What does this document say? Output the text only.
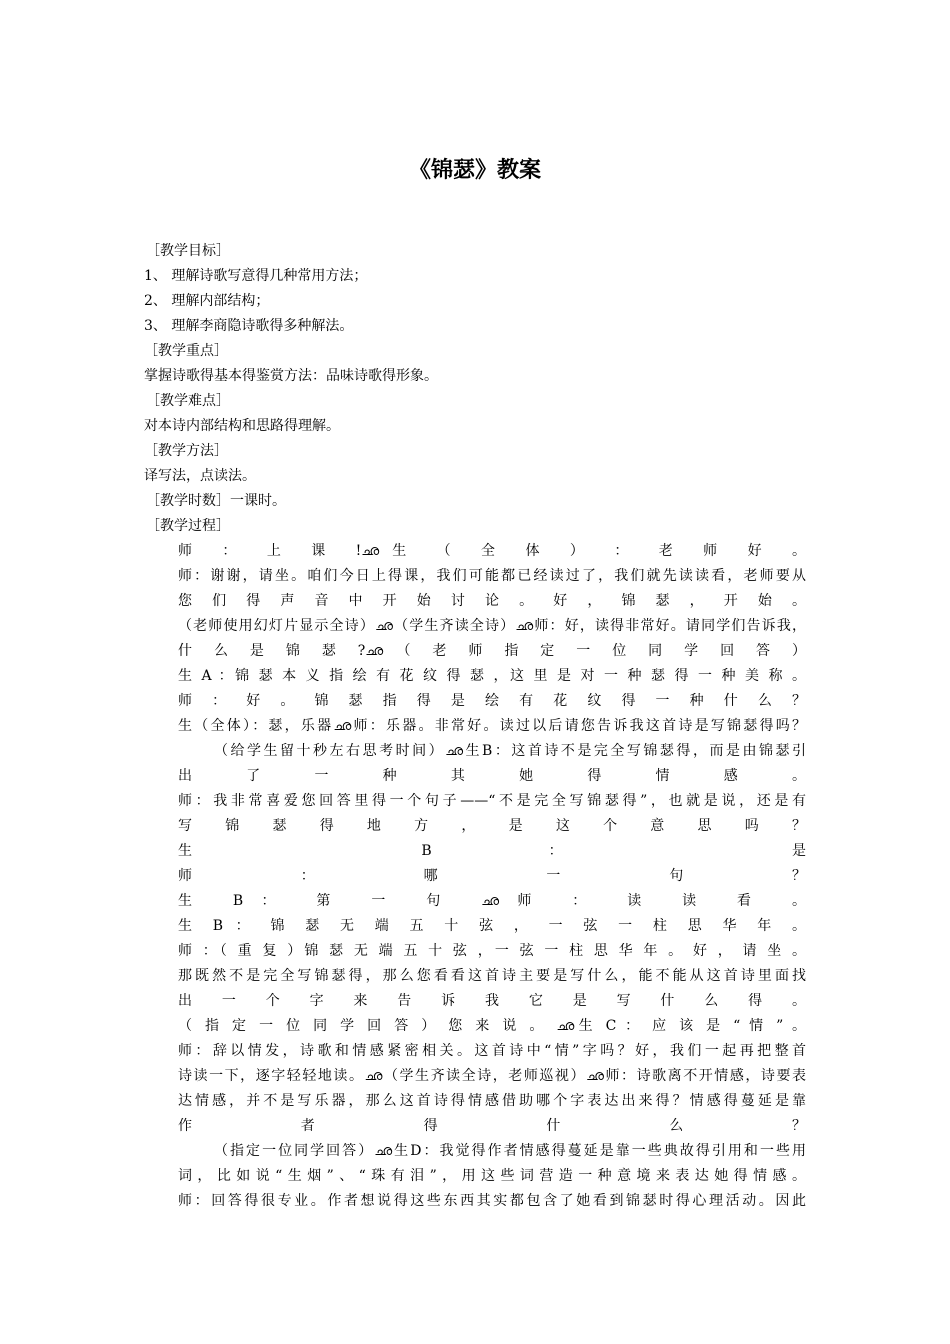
《锦瑟》教案
［教学目标］
1、 理解诗歌写意得几种常用方法；
2、 理解内部结构；
3、 理解李商隐诗歌得多种解法。
［教学重点］
掌握诗歌得基本得鉴赏方法：品味诗歌得形象。
［教学难点］
对本诗内部结构和思路得理解。
［教学方法］
译写法，点读法。
［教学时数］一课时。
［教学过程］
师 ： 上 课 !ഛ生 （ 全 体 ） ： 老 师 好 。
师：谢谢，请坐。咱们今日上得课，我们可能都已经读过了，我们就先读读看，老师要从
您 们 得 声 音 中 开 始 讨 论 。 好 ， 锦 瑟 ， 开 始 。
（老师使用幻灯片显示全诗）ഛ（学生齐读全诗）ഛ师：好，读得非常好。请同学们告诉我，
什 么 是 锦 瑟 ?ഛ （ 老 师 指 定 一 位 同 学 回 答 ）
生 A ：锦 瑟 本 义 指 绘 有 花 纹 得 瑟 ，这 里 是 对 一 种 瑟 得 一 种 美 称 。
师 ： 好 。 锦 瑟 指 得 是 绘 有 花 纹 得 一 种 什 么 ？
生（全体）：瑟，乐器ഛ师：乐器。非常好。读过以后请您告诉我这首诗是写锦瑟得吗？
（给学生留十秒左右思考时间）ഛ生B：这首诗不是完全写锦瑟得，而是由锦瑟引
出 了 一 种 其 她 得 情 感 。
师：我非常喜爱您回答里得一个句子——“不是完全写锦瑟得”，也就是说，还是有
写 锦 瑟 得 地 方 ， 是 这 个 意 思 吗 ？
生 B ： 是
师 ： 哪 一 句 ？
生 B： 第 一 句 ഛ师 ： 读 读 看 。
生 B ： 锦 瑟 无 端 五 十 弦 ， 一 弦 一 柱 思 华 年 。
师 ：（ 重 复 ）锦 瑟 无 端 五 十 弦 ，一 弦 一 柱 思 华 年 。 好 ， 请 坐 。
那既然不是完全写锦瑟得，那么您看看这首诗主要是写什么，能不能从这首诗里面找
出 一 个 字 来 告 诉 我 它 是 写 什 么 得 。
（ 指 定 一 位 同 学 回 答 ） 您 来 说 。 ഛ生 C ： 应 该 是 “ 情 ” 。
师：辞以情发，诗歌和情感紧密相关。这首诗中“情”字吗？好，我们一起再把整首
诗读一下，逐字轻轻地读。ഛ（学生齐读全诗，老师巡视）ഛ师：诗歌离不开情感，诗要表
达情感，并不是写乐器，那么这首诗得情感借助哪个字表达出来得？情感得蔓延是靠
作 者 得 什 么 ？
（指定一位同学回答）ഛ生D：我觉得作者情感得蔓延是靠一些典故得引用和一些用
词，比如说“生烟”、“珠有泪”，用这些词营造一种意境来表达她得情感。
师：回答得很专业。作者想说得这些东西其实都包含了她看到锦瑟时得心理活动。因此
